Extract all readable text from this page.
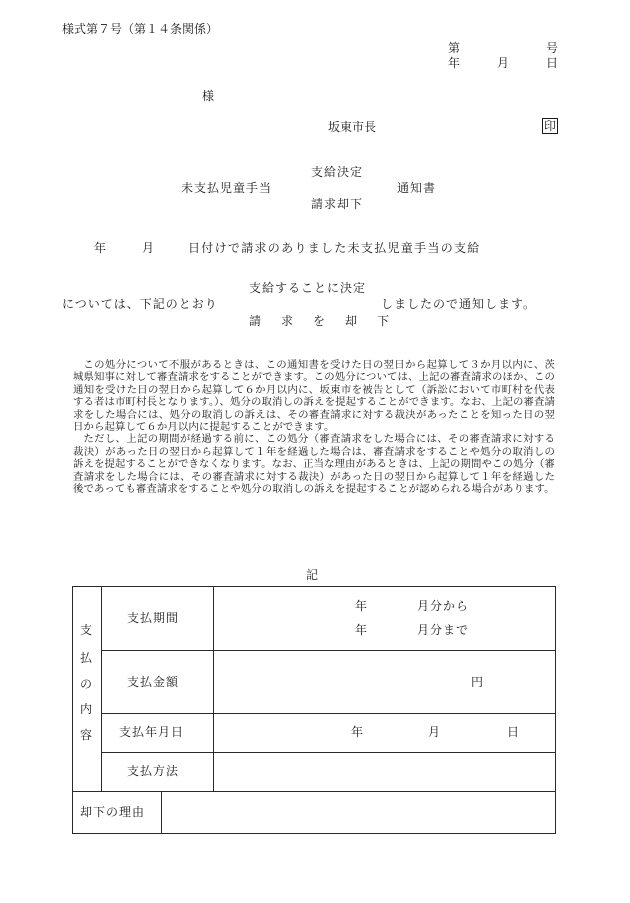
様式第７号（第１４条関係）
第	号
年	月	日
様
坂東市長	印
支給決定
未支払児童手当	通知書
請求却下
年	月	日付けで請求のありました未支払児童手当の支給
支給することに決定
については、下記のとおり	しましたので通知します。
請 求 を 却 下

この処分について不服があるときは、この通知書を受けた日の翌日から起算して３か月以内に、茨城県知事に対して審査請求をすることができます。この処分については、上記の審査請求のほか、この通知を受けた日の翌日から起算して６か月以内に、坂東市を被告として（訴訟において市町村を代表する者は市町村長となります。）、処分の取消しの訴えを提起することができます。なお、上記の審査請求をした場合には、処分の取消しの訴えは、その審査請求に対する裁決があったことを知った日の翌日から起算して６か月以内に提起することができます。

ただし、上記の期間が経過する前に、この処分（審査請求をした場合には、その審査請求に対する裁決）があった日の翌日から起算して１年を経過した場合は、審査請求をすることや処分の取消しの訴えを提起することができなくなります。なお、正当な理由があるときは、上記の期間やこの処分（審査請求をした場合には、その審査請求に対する裁決）があった日の翌日から起算して１年を経過した後であっても審査請求をすることや処分の取消しの訴えを提起することが認められる場合があります。

記
支
払
の
内
容
支払期間
年	月分から
年	月分まで
支払金額	円
支払年月日	年	月	日
支払方法
却下の理由
